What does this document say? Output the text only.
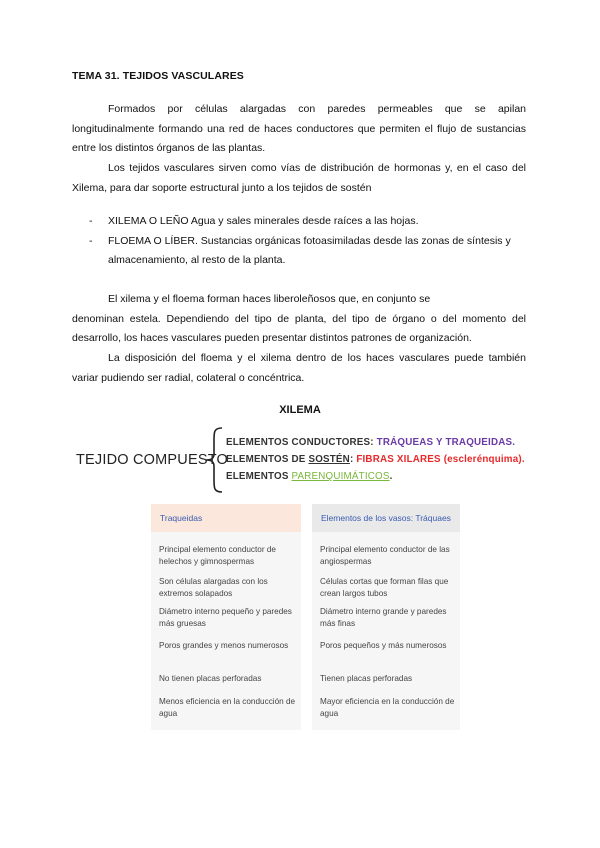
TEMA 31. TEJIDOS VASCULARES
Formados por células alargadas con paredes permeables que se apilan longitudinalmente formando una red de haces conductores que permiten el flujo de sustancias entre los distintos órganos de las plantas.
Los tejidos vasculares sirven como vías de distribución de hormonas y, en el caso del Xilema, para dar soporte estructural junto a los tejidos de sostén
- XILEMA O LEÑO Agua y sales minerales desde raíces a las hojas.
- FLOEMA O LÍBER. Sustancias orgánicas fotoasimiladas desde las zonas de síntesis y almacenamiento, al resto de la planta.
El xilema y el floema forman haces liberoleñosos que, en conjunto se
denominan estela. Dependiendo del tipo de planta, del tipo de órgano o del momento del desarrollo, los haces vasculares pueden presentar distintos patrones de organización.
La disposición del floema y el xilema dentro de los haces vasculares puede también variar pudiendo ser radial, colateral o concéntrica.
XILEMA
TEJIDO COMPUESTO
ELEMENTOS CONDUCTORES: TRÁQUEAS Y TRAQUEIDAS.
ELEMENTOS DE SOSTÉN: FIBRAS XILARES (esclerénquima).
ELEMENTOS PARENQUIMÁTICOS.
Traqueidas
Principal elemento conductor de helechos y gimnospermas
Son células alargadas con los extremos solapados
Diámetro interno pequeño y paredes más gruesas
Poros grandes y menos numerosos
No tienen placas perforadas
Menos eficiencia en la conducción de agua
Elementos de los vasos: Tráquaes
Principal elemento conductor de las angiospermas
Células cortas que forman filas que crean largos tubos
Diámetro interno grande y paredes más finas
Poros pequeños y más numerosos
Tienen placas perforadas
Mayor eficiencia en la conducción de agua
